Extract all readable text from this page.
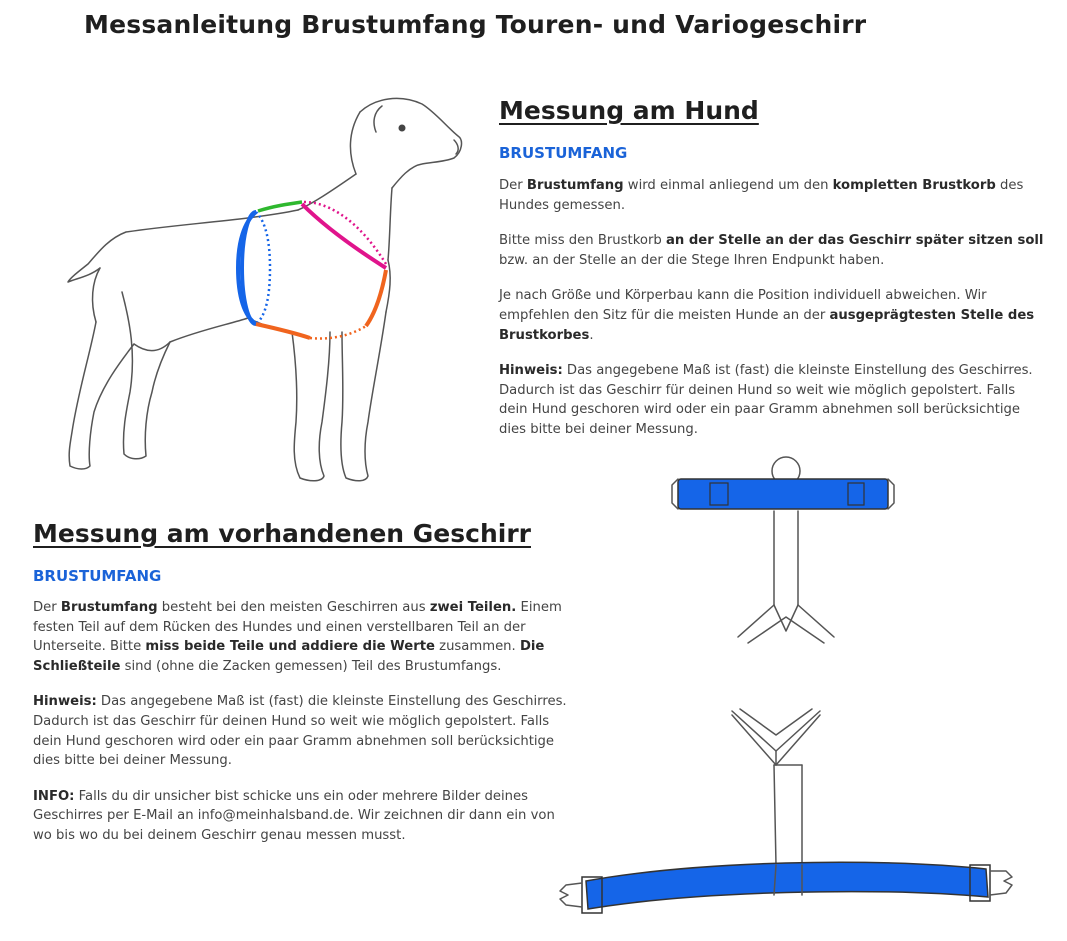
Messanleitung Brustumfang Touren- und Variogeschirr
Messung am Hund
BRUSTUMFANG

Der Brustumfang wird einmal anliegend um den kompletten Brustkorb des Hundes gemessen.

Bitte miss den Brustkorb an der Stelle an der das Geschirr später sitzen soll bzw. an der Stelle an der die Stege Ihren Endpunkt haben.

Je nach Größe und Körperbau kann die Position individuell abweichen. Wir empfehlen den Sitz für die meisten Hunde an der ausgeprägtesten Stelle des Brustkorbes.

Hinweis: Das angegebene Maß ist (fast) die kleinste Einstellung des Geschirres. Dadurch ist das Geschirr für deinen Hund so weit wie möglich gepolstert. Falls dein Hund geschoren wird oder ein paar Gramm abnehmen soll berücksichtige dies bitte bei deiner Messung.

Messung am vorhandenen Geschirr
BRUSTUMFANG

Der Brustumfang besteht bei den meisten Geschirren aus zwei Teilen. Einem festen Teil auf dem Rücken des Hundes und einen verstellbaren Teil an der Unterseite. Bitte miss beide Teile und addiere die Werte zusammen. Die Schließteile sind (ohne die Zacken gemessen) Teil des Brustumfangs.

Hinweis: Das angegebene Maß ist (fast) die kleinste Einstellung des Geschirres. Dadurch ist das Geschirr für deinen Hund so weit wie möglich gepolstert. Falls dein Hund geschoren wird oder ein paar Gramm abnehmen soll berücksichtige dies bitte bei deiner Messung.

INFO: Falls du dir unsicher bist schicke uns ein oder mehrere Bilder deines Geschirres per E-Mail an info@meinhalsband.de. Wir zeichnen dir dann ein von wo bis wo du bei deinem Geschirr genau messen musst.
